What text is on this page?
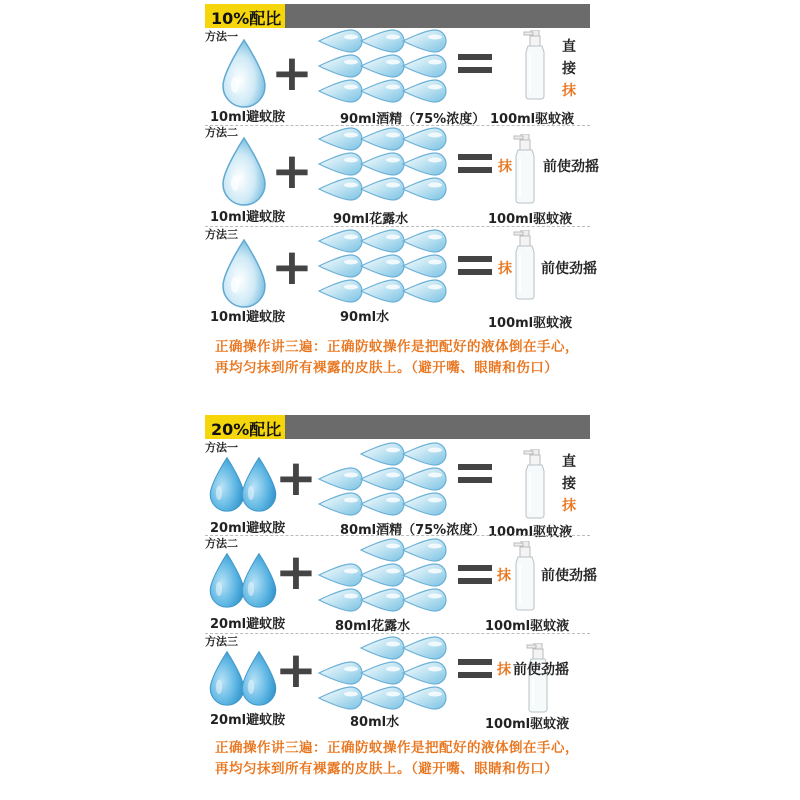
10%配比
方法一
+	直
接
抹
10ml避蚊胺	90ml酒精（75%浓度） 100ml驱蚊液
方法二
+	抹 前使劲摇
10ml避蚊胺	90ml花露水	100ml驱蚊液
方法三
+	抹 前使劲摇
10ml避蚊胺	90ml水	100ml驱蚊液
正确操作讲三遍：正确防蚊操作是把配好的液体倒在手心，再均匀抹到所有裸露的皮肤上。（避开嘴、眼睛和伤口）
20%配比
方法一
+	直
接
抹
20ml避蚊胺	80ml酒精（75%浓度） 100ml驱蚊液
方法二 +	抹 前使劲摇
20ml避蚊胺	80ml花露水	100ml驱蚊液
方法三 +	抹 前使劲摇
20ml避蚊胺	80ml水	100ml驱蚊液
正确操作讲三遍：正确防蚊操作是把配好的液体倒在手心，再均匀抹到所有裸露的皮肤上。（避开嘴、眼睛和伤口）
